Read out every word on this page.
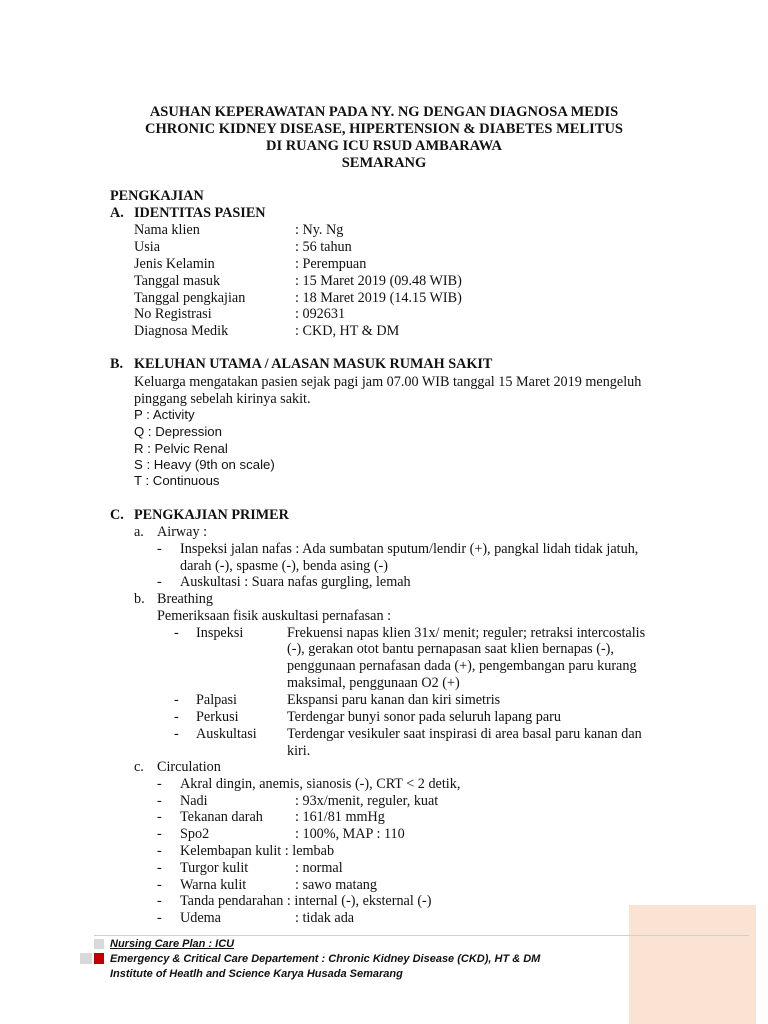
ASUHAN KEPERAWATAN PADA NY. NG DENGAN DIAGNOSA MEDIS
CHRONIC KIDNEY DISEASE, HIPERTENSION & DIABETES MELITUS
DI RUANG ICU RSUD AMBARAWA
SEMARANG
PENGKAJIAN
A. IDENTITAS PASIEN
Nama klien	: Ny. Ng
Usia	: 56 tahun
Jenis Kelamin	: Perempuan
Tanggal masuk	: 15 Maret 2019 (09.48 WIB)
Tanggal pengkajian	: 18 Maret 2019 (14.15 WIB)
No Registrasi	: 092631
Diagnosa Medik	: CKD, HT & DM
B. KELUHAN UTAMA / ALASAN MASUK RUMAH SAKIT
Keluarga mengatakan pasien sejak pagi jam 07.00 WIB tanggal 15 Maret 2019 mengeluh
pinggang sebelah kirinya sakit.
P : Activity
Q : Depression
R : Pelvic Renal
S : Heavy (9th on scale)
T : Continuous
C. PENGKAJIAN PRIMER
a. Airway :
- Inspeksi jalan nafas : Ada sumbatan sputum/lendir (+), pangkal lidah tidak jatuh,
darah (-), spasme (-), benda asing (-)
- Auskultasi : Suara nafas gurgling, lemah
b. Breathing
Pemeriksaan fisik auskultasi pernafasan :
- Inspeksi	Frekuensi napas klien 31x/ menit; reguler; retraksi intercostalis
(-), gerakan otot bantu pernapasan saat klien bernapas (-),
penggunaan pernafasan dada (+), pengembangan paru kurang
maksimal, penggunaan O2 (+)
- Palpasi	Ekspansi paru kanan dan kiri simetris
- Perkusi	Terdengar bunyi sonor pada seluruh lapang paru
- Auskultasi Terdengar vesikuler saat inspirasi di area basal paru kanan dan
kiri.
c. Circulation
- Akral dingin, anemis, sianosis (-), CRT < 2 detik,
- Nadi	: 93x/menit, reguler, kuat
- Tekanan darah : 161/81 mmHg
- Spo2	: 100%, MAP : 110
- Kelembapan kulit : lembab
- Turgor kulit	: normal
- Warna kulit	: sawo matang
- Tanda pendarahan : internal (-), eksternal (-)
- Udema	: tidak ada
Nursing Care Plan : ICU
Emergency & Critical Care Departement : Chronic Kidney Disease (CKD), HT & DM
Institute of Heatlh and Science Karya Husada Semarang
